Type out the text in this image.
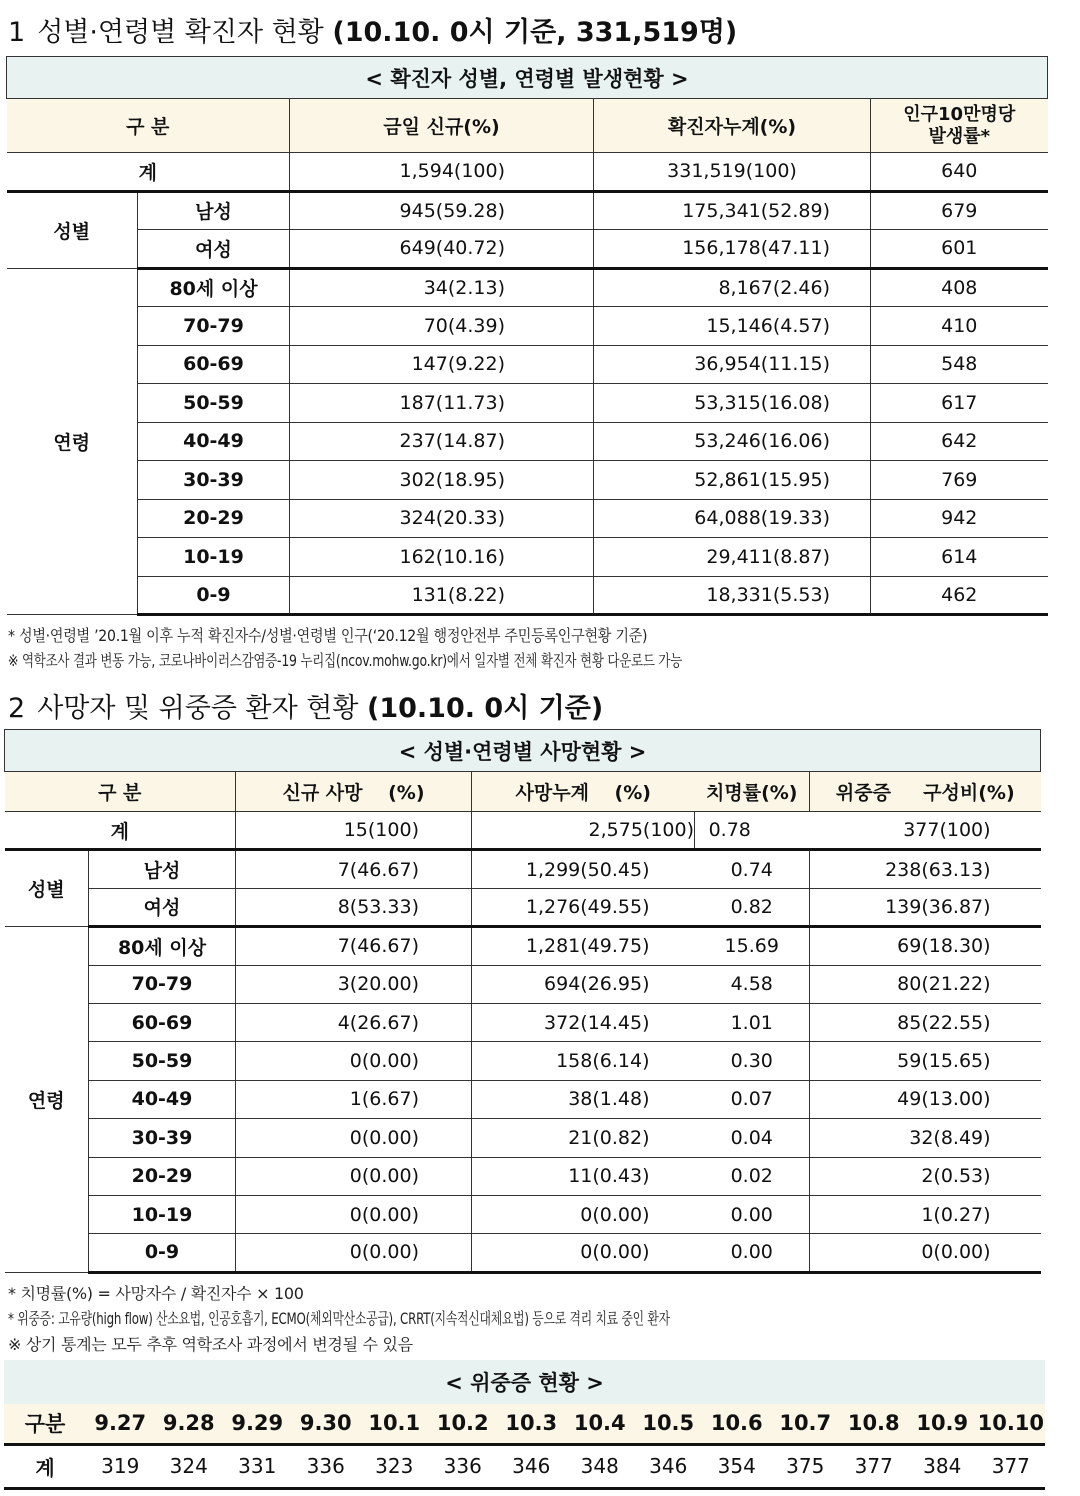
1 성별·연령별 확진자 현황 (10.10. 0시 기준, 331,519명)
< 확진자 성별, 연령별 발생현황 >				
구 분		금일 신규(%)	확진자누계(%)	인구10만명당
발생률*

계		1,594(100)	331,519(100)	640
성별	남성	945(59.28)	175,341(52.89)	679
	여성	649(40.72)	156,178(47.11)	601
연령	80세 이상	34(2.13)	8,167(2.46)	408
	70-79	70(4.39)	15,146(4.57)	410
	60-69	147(9.22)	36,954(11.15)	548
	50-59	187(11.73)	53,315(16.08)	617
	40-49	237(14.87)	53,246(16.06)	642
	30-39	302(18.95)	52,861(15.95)	769
	20-29	324(20.33)	64,088(19.33)	942
	10-19	162(10.16)	29,411(8.87)	614
	0-9	131(8.22)	18,331(5.53)	462
* 성별·연령별 ’20.1월 이후 누적 확진자수/성별·연령별 인구(‘20.12월 행정안전부 주민등록인구현황 기준)
※ 역학조사 결과 변동 가능, 코로나바이러스감염증-19 누리집(ncov.mohw.go.kr)에서 일자별 전체 확진자 현황 다운로드 가능
2 사망자 및 위중증 환자 현황 (10.10. 0시 기준)
< 성별·연령별 사망현황 >					
구 분		신규 사망 　(%)	사망누계 　(%)	치명률(%)	위중증 　 구성비(%)
계		15(100)	2,575(100)	0.78	377(100)
성별	남성	7(46.67)	1,299(50.45)	0.74	238(63.13)
	여성	8(53.33)	1,276(49.55)	0.82	139(36.87)
연령	80세 이상	7(46.67)	1,281(49.75)	15.69	69(18.30)
	70-79	3(20.00)	694(26.95)	4.58	80(21.22)
	60-69	4(26.67)	372(14.45)	1.01	85(22.55)
	50-59	0(0.00)	158(6.14)	0.30	59(15.65)
	40-49	1(6.67)	38(1.48)	0.07	49(13.00)
	30-39	0(0.00)	21(0.82)	0.04	32(8.49)
	20-29	0(0.00)	11(0.43)	0.02	2(0.53)
	10-19	0(0.00)	0(0.00)	0.00	1(0.27)
	0-9	0(0.00)	0(0.00)	0.00	0(0.00)
* 치명률(%) = 사망자수 / 확진자수 × 100
* 위중증: 고유량(high flow) 산소요법, 인공호흡기, ECMO(체외막산소공급), CRRT(지속적신대체요법) 등으로 격리 치료 중인 환자
※ 상기 통계는 모두 추후 역학조사 과정에서 변경될 수 있음
< 위중증 현황 >														
구분	9.27	9.28	9.29	9.30	10.1	10.2	10.3	10.4	10.5	10.6	10.7	10.8	10.9	10.10
계	319	324	331	336	323	336	346	348	346	354	375	377	384	377
